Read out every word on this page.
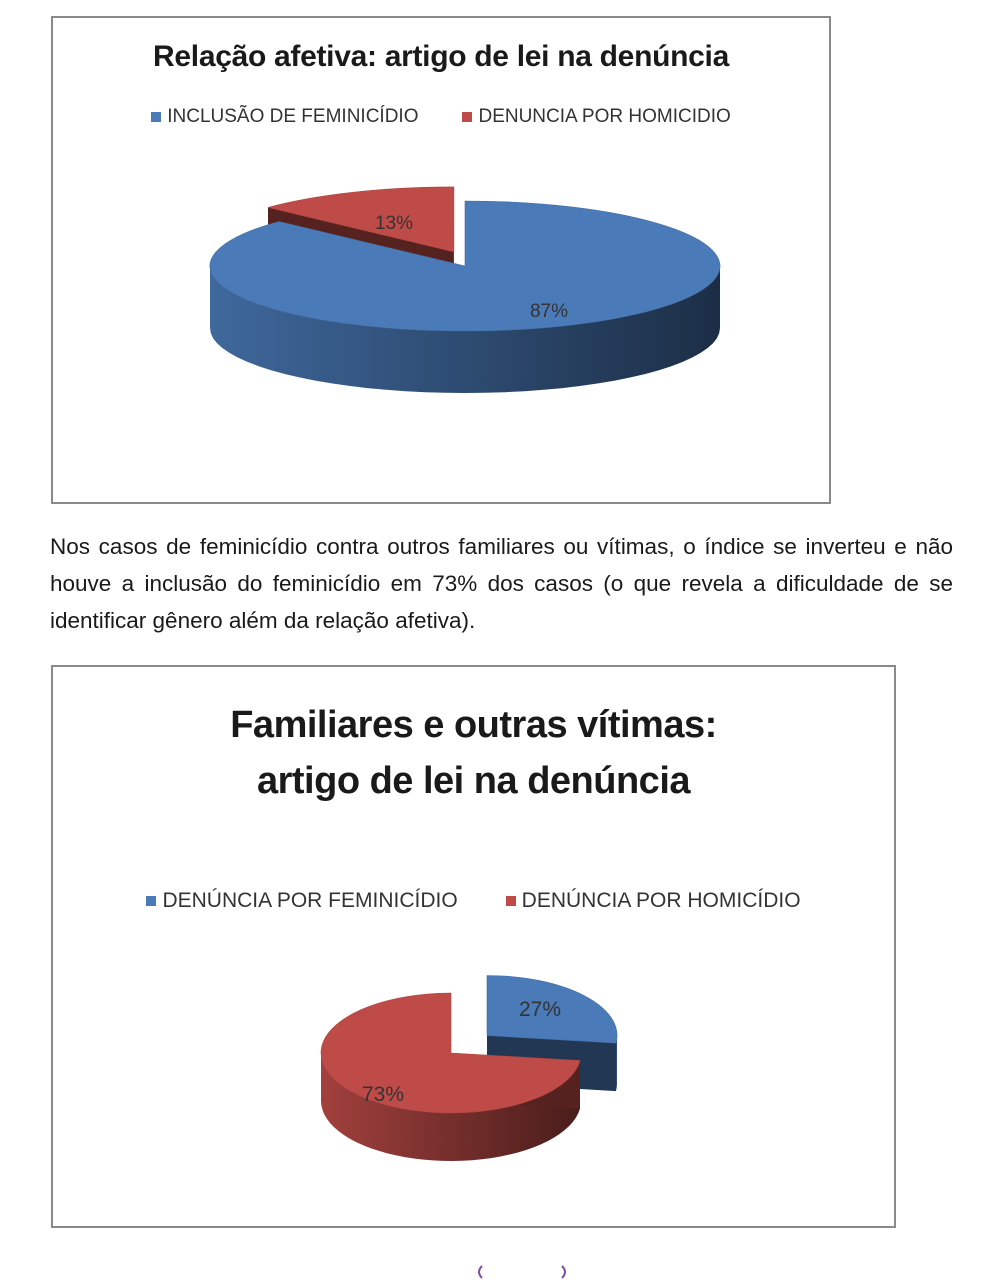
Relação afetiva: artigo de lei na denúncia
INCLUSÃO DE FEMINICÍDIO	DENUNCIA POR HOMICIDIO
13%
87%

Nos casos de feminicídio contra outros familiares ou vítimas, o índice se inverteu e não houve a inclusão do feminicídio em 73% dos casos (o que revela a dificuldade de se identificar gênero além da relação afetiva).

Familiares e outras vítimas:
artigo de lei na denúncia
DENÚNCIA POR FEMINICÍDIO	DENÚNCIA POR HOMICÍDIO
27%
73%
